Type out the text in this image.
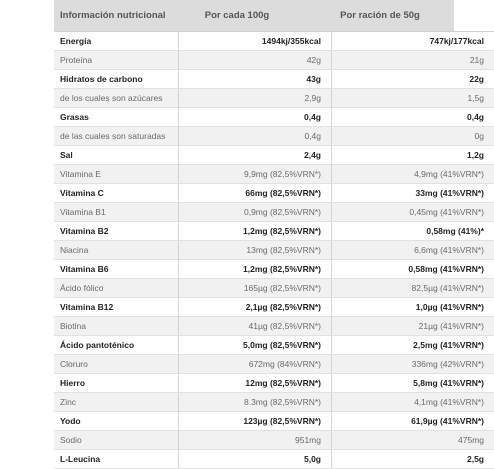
Información nutricional	Por cada 100g	Por ración de 50g
Energía	1494kj/355kcal	747kj/177kcal
Proteína	42g	21g
Hidratos de carbono	43g	22g
de los cuales son azúcares	2,9g	1,5g
Grasas	0,4g	0,4g
de las cuales son saturadas	0,4g	0g
Sal	2,4g	1,2g
Vitamina E	9,9mg (82,5%VRN*)	4,9mg (41%VRN*)
Vitamina C	66mg (82,5%VRN*)	33mg (41%VRN*)
Vitamina B1	0,9mg (82,5%VRN*)	0,45mg (41%VRN*)
Vitamina B2	1,2mg (82,5%VRN*)	0,58mg (41%)*
Niacina	13mg (82,5%VRN*)	6,6mg (41%VRN*)
Vitamina B6	1,2mg (82,5%VRN*)	0,58mg (41%VRN*)
Ácido fólico	165µg (82,5%VRN*)	82,5µg (41%VRN*)
Vitamina B12	2,1µg (82,5%VRN*)	1,0µg (41%VRN*)
Biotina	41µg (82,5%VRN*)	21µg (41%VRN*)
Ácido pantoténico	5,0mg (82,5%VRN*)	2,5mg (41%VRN*)
Cloruro	672mg (84%VRN*)	336mg (42%VRN*)
Hierro	12mg (82,5%VRN*)	5,8mg (41%VRN*)
Zinc	8.3mg (82,5%VRN*)	4,1mg (41%VRN*)
Yodo	123µg (82,5%VRN*)	61,9µg (41%VRN*)
Sodio	951mg	475mg
L-Leucina	5,0g	2,5g
